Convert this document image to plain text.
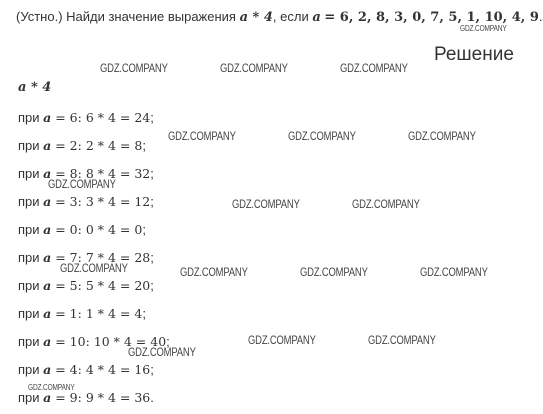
(Устно.) Найди значение выражения a * 4, если a = 6, 2, 8, 3, 0, 7, 5, 1, 10, 4, 9.
Решение
a * 4
при a = 6: 6 * 4 = 24;
при a = 2: 2 * 4 = 8;
при a = 8: 8 * 4 = 32;
при a = 3: 3 * 4 = 12;
при a = 0: 0 * 4 = 0;
при a = 7: 7 * 4 = 28;
при a = 5: 5 * 4 = 20;
при a = 1: 1 * 4 = 4;
при a = 10: 10 * 4 = 40;
при a = 4: 4 * 4 = 16;
при a = 9: 9 * 4 = 36.
GDZ.COMPANY	GDZ.COMPANY	GDZ.COMPANY
GDZ.COMPANY	GDZ.COMPANY	GDZ.COMPANY
GDZ.COMPANY
GDZ.COMPANY	GDZ.COMPANY
GDZ.COMPANY	GDZ.COMPANY	GDZ.COMPANY	GDZ.COMPANY
GDZ.COMPANY	GDZ.COMPANY
GDZ.COMPANY
GDZ.COMPANY
GDZ.COMPANY
